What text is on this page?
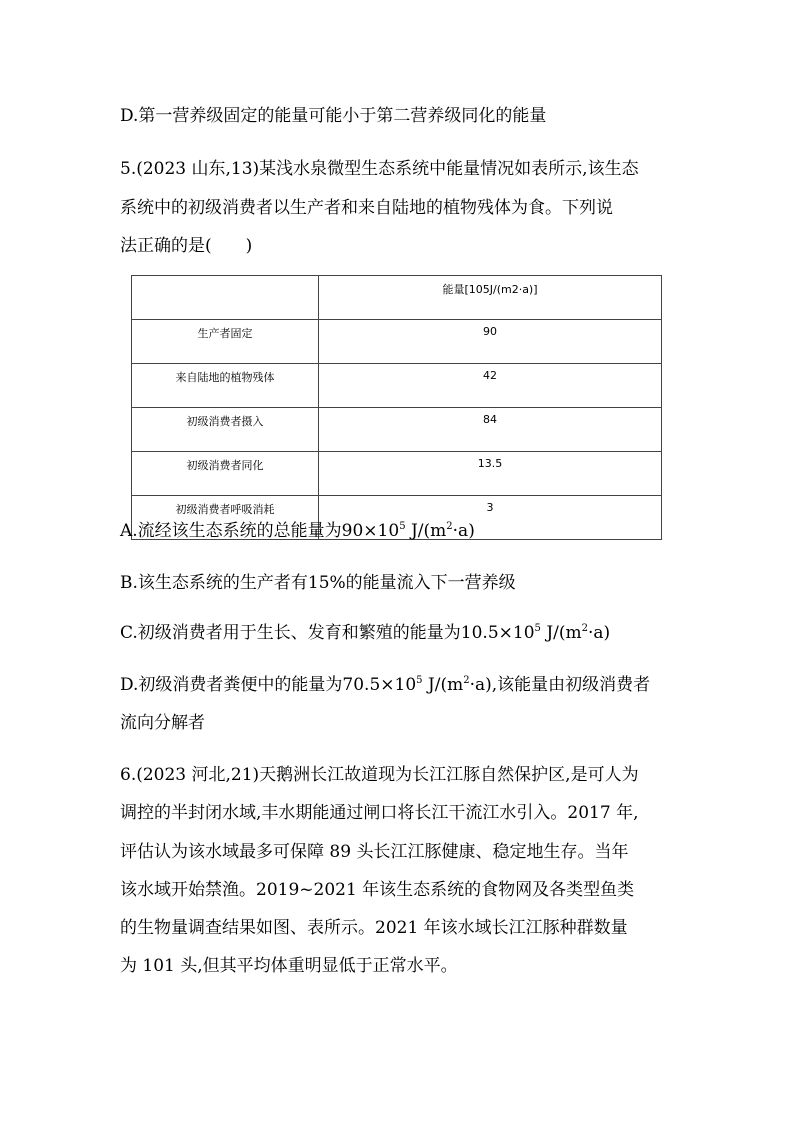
D.第一营养级固定的能量可能小于第二营养级同化的能量
5.(2023 山东,13)某浅水泉微型生态系统中能量情况如表所示,该生态
系统中的初级消费者以生产者和来自陆地的植物残体为食。下列说
法正确的是(　　)
	能量[105J/(m2·a)]
生产者固定	90
来自陆地的植物残体	42
初级消费者摄入	84
初级消费者同化	13.5
初级消费者呼吸消耗	3
A.流经该生态系统的总能量为$90\times 10^5$ $J/(m^2\cdot a)$
B.该生态系统的生产者有15%的能量流入下一营养级
C.初级消费者用于生长、发育和繁殖的能量为$10.5\times 10^5$ $J/(m^2\cdot a)$
D.初级消费者粪便中的能量为$70.5\times 10^5$ $J/(m^2\cdot a)$,该能量由初级消费者
流向分解者
6.(2023 河北,21)天鹅洲长江故道现为长江江豚自然保护区,是可人为
调控的半封闭水域,丰水期能通过闸口将长江干流江水引入。2017 年,
评估认为该水域最多可保障 89 头长江江豚健康、稳定地生存。当年
该水域开始禁渔。2019~2021 年该生态系统的食物网及各类型鱼类
的生物量调查结果如图、表所示。2021 年该水域长江江豚种群数量
为 101 头,但其平均体重明显低于正常水平。
